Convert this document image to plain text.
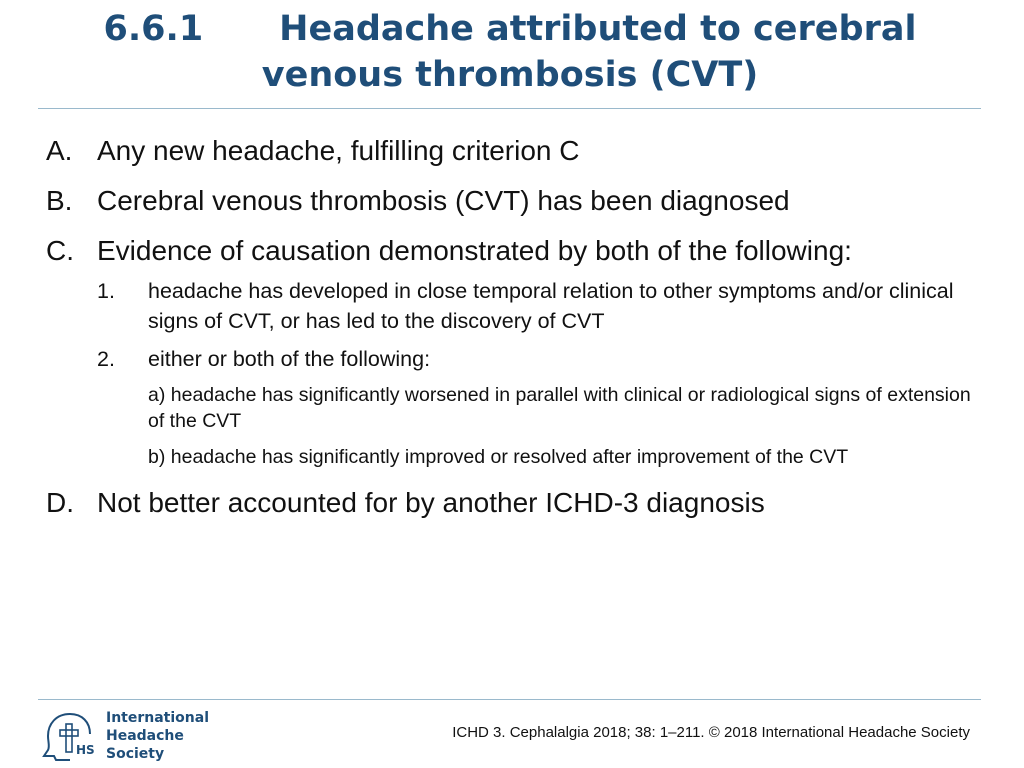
6.6.1 Headache attributed to cerebral venous thrombosis (CVT)
A. Any new headache, fulfilling criterion C
B. Cerebral venous thrombosis (CVT) has been diagnosed
C. Evidence of causation demonstrated by both of the following:
1.	headache has developed in close temporal relation to other symptoms and/or clinical signs of CVT, or has led to the discovery of CVT
2.	either or both of the following:
a) headache has significantly worsened in parallel with clinical or radiological signs of extension of the CVT
b) headache has significantly improved or resolved after improvement of the CVT
D. Not better accounted for by another ICHD-3 diagnosis
HS
International
Headache Society
ICHD 3. Cephalalgia 2018; 38: 1–211. © 2018 International Headache Society
